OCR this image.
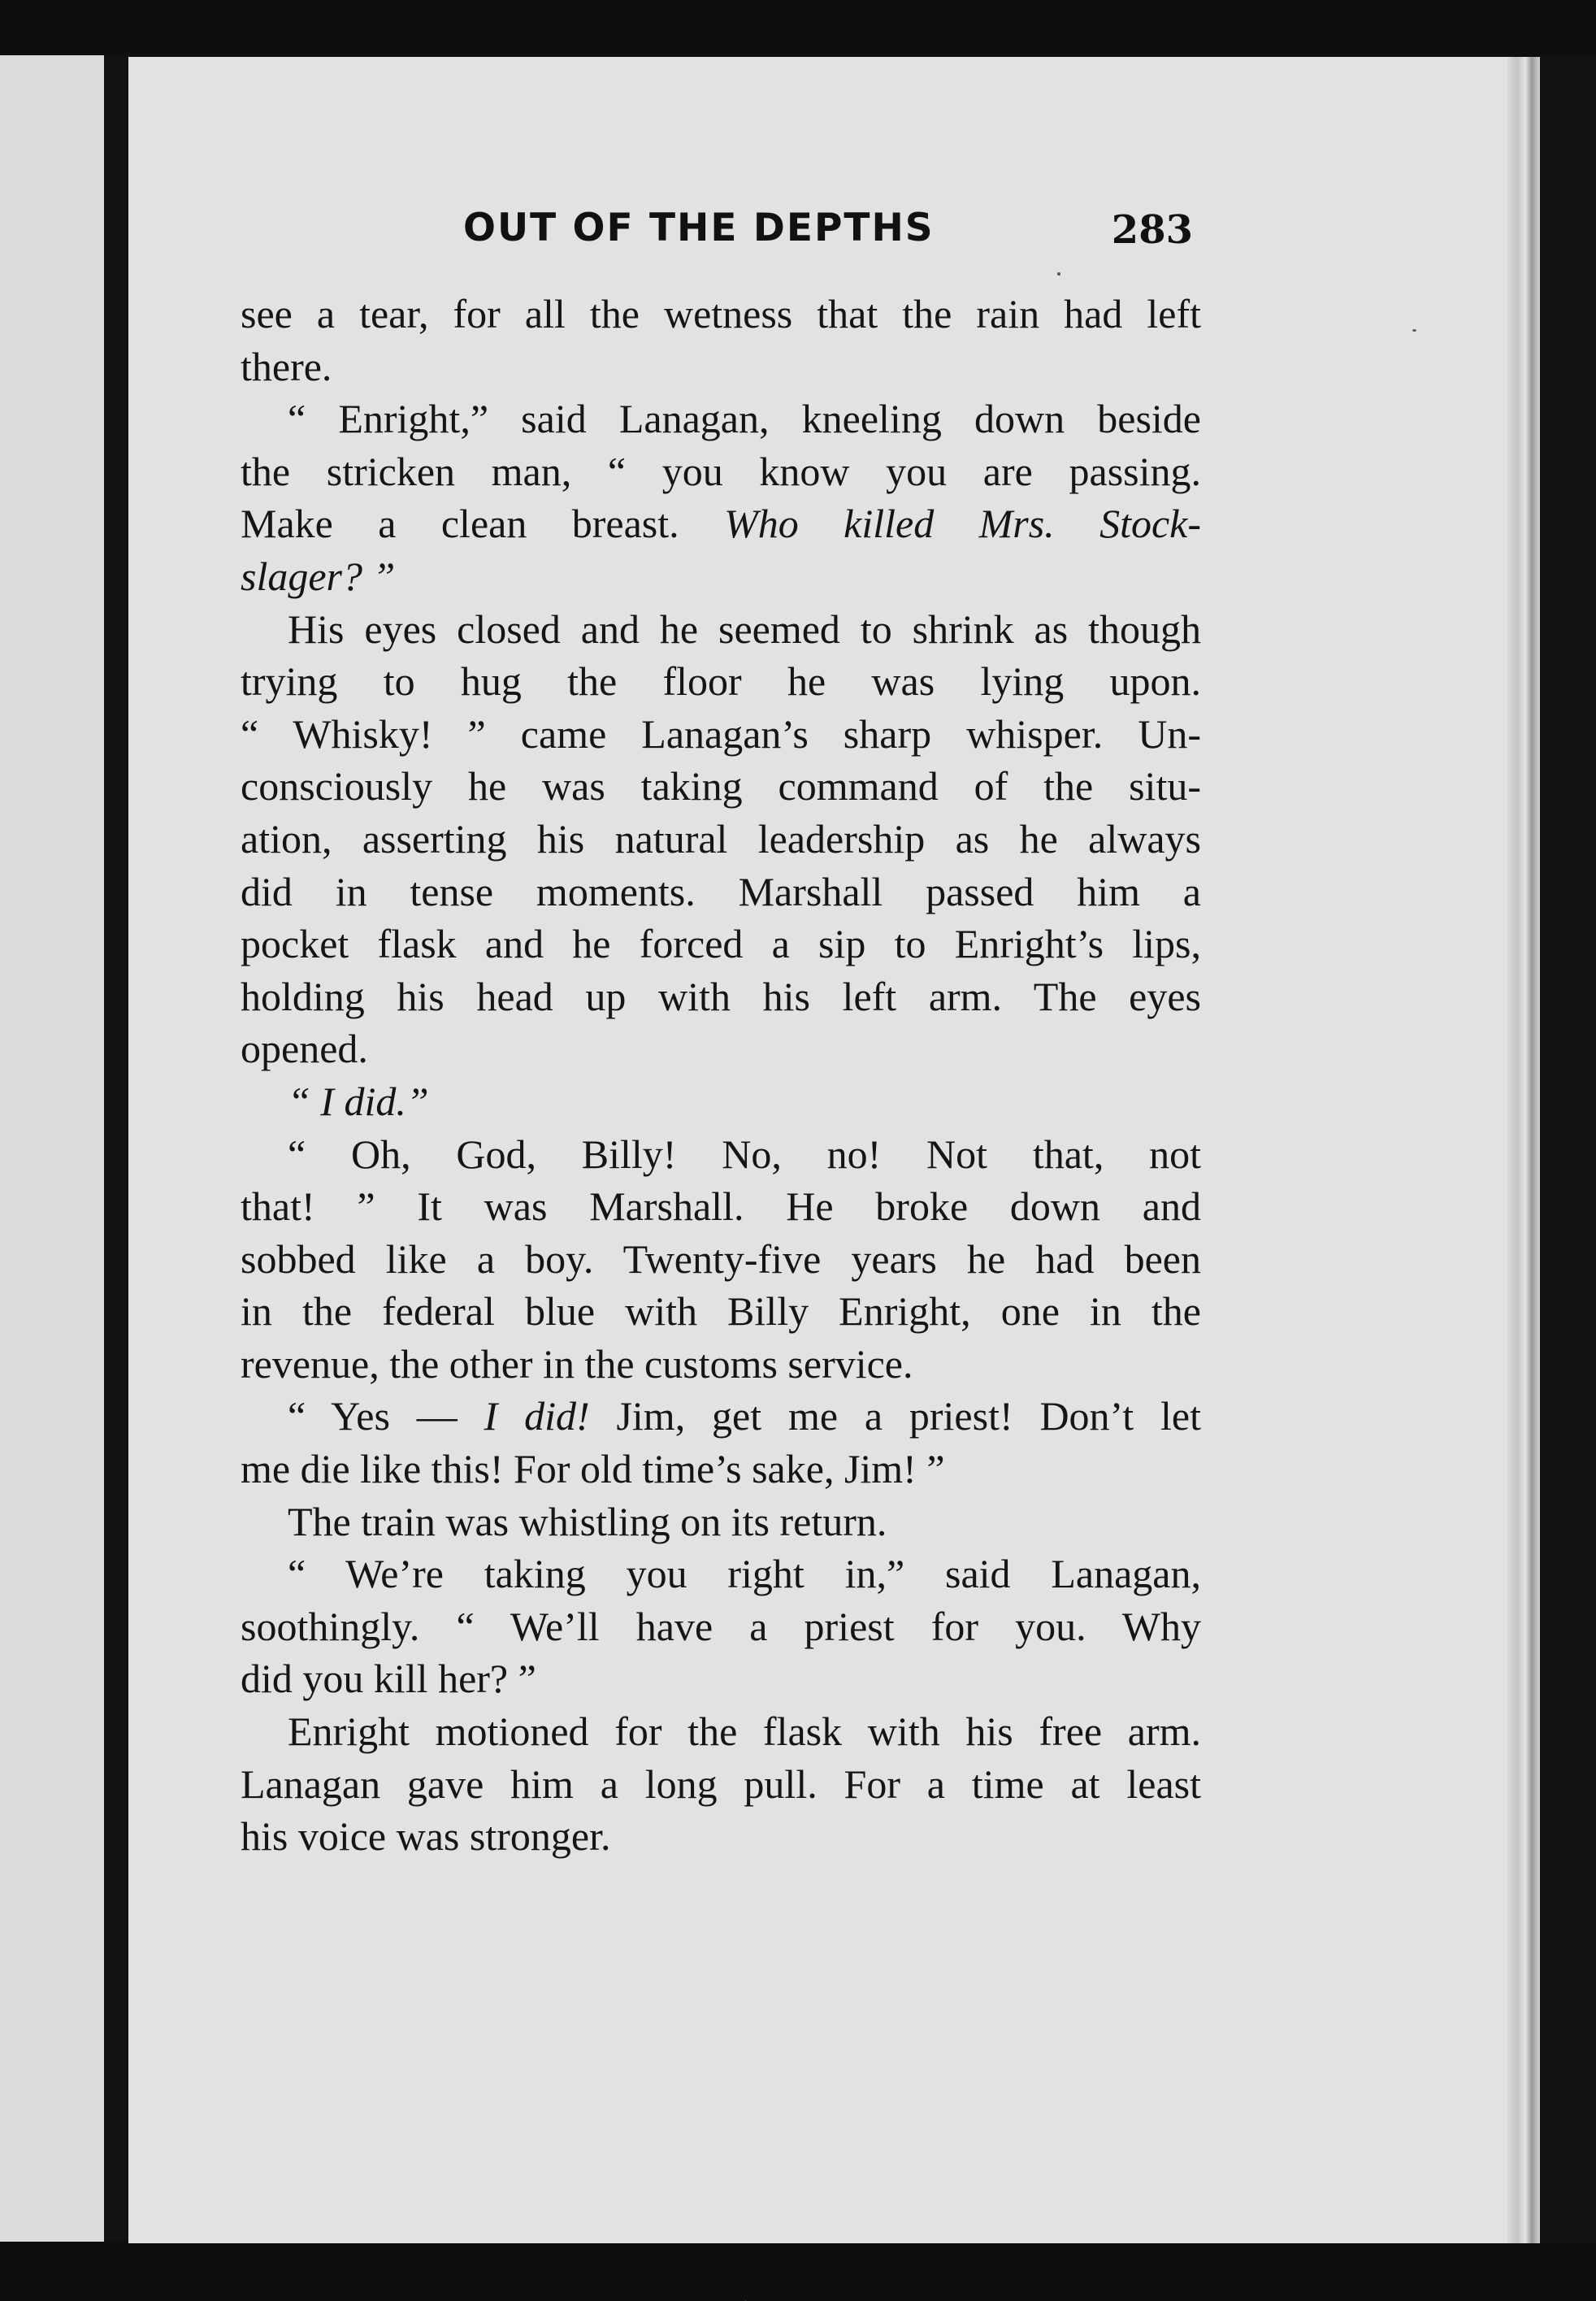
OUT OF THE DEPTHS	283

see a tear, for all the wetness that the rain had left
there.

“ Enright,” said Lanagan, kneeling down beside
the stricken man, “ you know you are passing.
Make a clean breast. Who killed Mrs. Stock-
slager? ”

His eyes closed and he seemed to shrink as though
trying to hug the floor he was lying upon.
“ Whisky! ” came Lanagan’s sharp whisper. Un-
consciously he was taking command of the situ-
ation, asserting his natural leadership as he always
did in tense moments. Marshall passed him a
pocket flask and he forced a sip to Enright’s lips,
holding his head up with his left arm. The eyes
opened.

“ I did.”

“ Oh, God, Billy! No, no! Not that, not
that! ” It was Marshall. He broke down and
sobbed like a boy. Twenty-five years he had been
in the federal blue with Billy Enright, one in the
revenue, the other in the customs service.

“ Yes — I did! Jim, get me a priest! Don’t let
me die like this! For old time’s sake, Jim! ”

The train was whistling on its return.

“ We’re taking you right in,” said Lanagan,
soothingly. “ We’ll have a priest for you. Why
did you kill her? ”

Enright motioned for the flask with his free arm.
Lanagan gave him a long pull. For a time at least
his voice was stronger.
